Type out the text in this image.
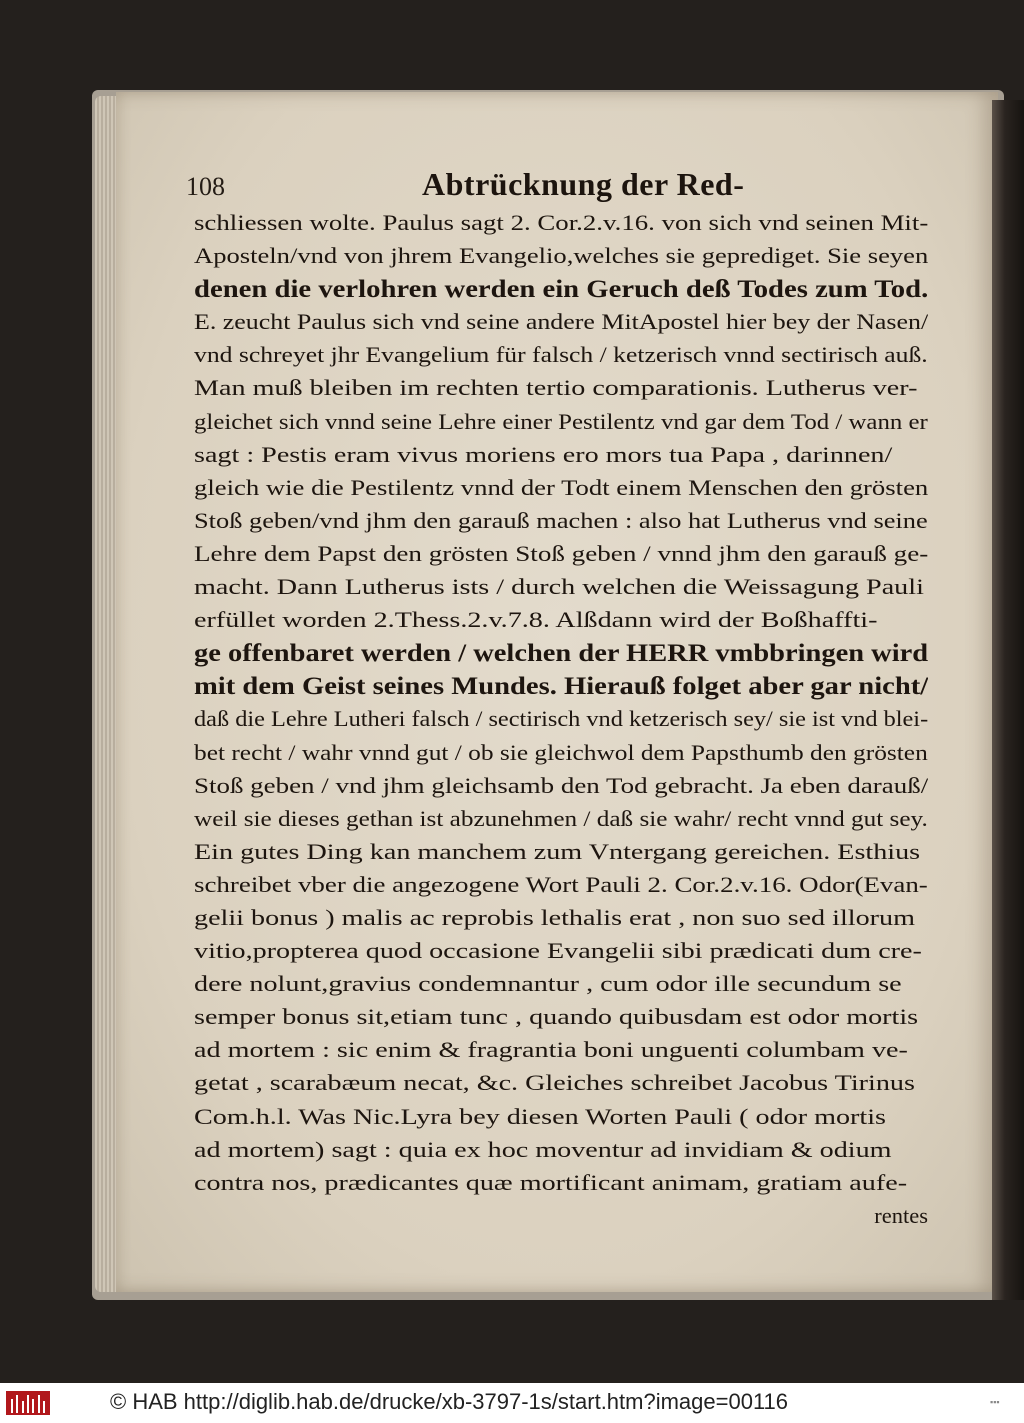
108	Abtrücknung der Red-
schliessen wolte. Paulus sagt 2. Cor.2.v.16. von sich vnd seinen Mit-
Aposteln/vnd von jhrem Evangelio,welches sie geprediget. Sie seyen
denen die verlohren werden ein Geruch deß Todes zum Tod.
E. zeucht Paulus sich vnd seine andere MitApostel hier bey der Nasen/
vnd schreyet jhr Evangelium für falsch / ketzerisch vnnd sectirisch auß.
Man muß bleiben im rechten tertio comparationis. Lutherus ver-
gleichet sich vnnd seine Lehre einer Pestilentz vnd gar dem Tod / wann er
sagt : Pestis eram vivus moriens ero mors tua Papa , darinnen/
gleich wie die Pestilentz vnnd der Todt einem Menschen den grösten
Stoß geben/vnd jhm den garauß machen : also hat Lutherus vnd seine
Lehre dem Papst den grösten Stoß geben / vnnd jhm den garauß ge-
macht. Dann Lutherus ists / durch welchen die Weissagung Pauli
erfüllet worden 2.Thess.2.v.7.8. Alßdann wird der Boßhaffti-
ge offenbaret werden / welchen der HERR vmbbringen wird
mit dem Geist seines Mundes. Hierauß folget aber gar nicht/
daß die Lehre Lutheri falsch / sectirisch vnd ketzerisch sey/ sie ist vnd blei-
bet recht / wahr vnnd gut / ob sie gleichwol dem Papsthumb den grösten
Stoß geben / vnd jhm gleichsamb den Tod gebracht. Ja eben darauß/
weil sie dieses gethan ist abzunehmen / daß sie wahr/ recht vnnd gut sey.
Ein gutes Ding kan manchem zum Vntergang gereichen. Esthius
schreibet vber die angezogene Wort Pauli 2. Cor.2.v.16. Odor(Evan-
gelii bonus ) malis ac reprobis lethalis erat , non suo sed illorum
vitio,propterea quod occasione Evangelii sibi prædicati dum cre-
dere nolunt,gravius condemnantur , cum odor ille secundum se
semper bonus sit,etiam tunc , quando quibusdam est odor mortis
ad mortem : sic enim & fragrantia boni unguenti columbam ve-
getat , scarabæum necat, &c. Gleiches schreibet Jacobus Tirinus
Com.h.l. Was Nic.Lyra bey diesen Worten Pauli ( odor mortis
ad mortem) sagt : quia ex hoc moventur ad invidiam & odium
contra nos, prædicantes quæ mortificant animam, gratiam aufe-
rentes
© HAB http://diglib.hab.de/drucke/xb-3797-1s/start.htm?image=00116	▪▪▪
